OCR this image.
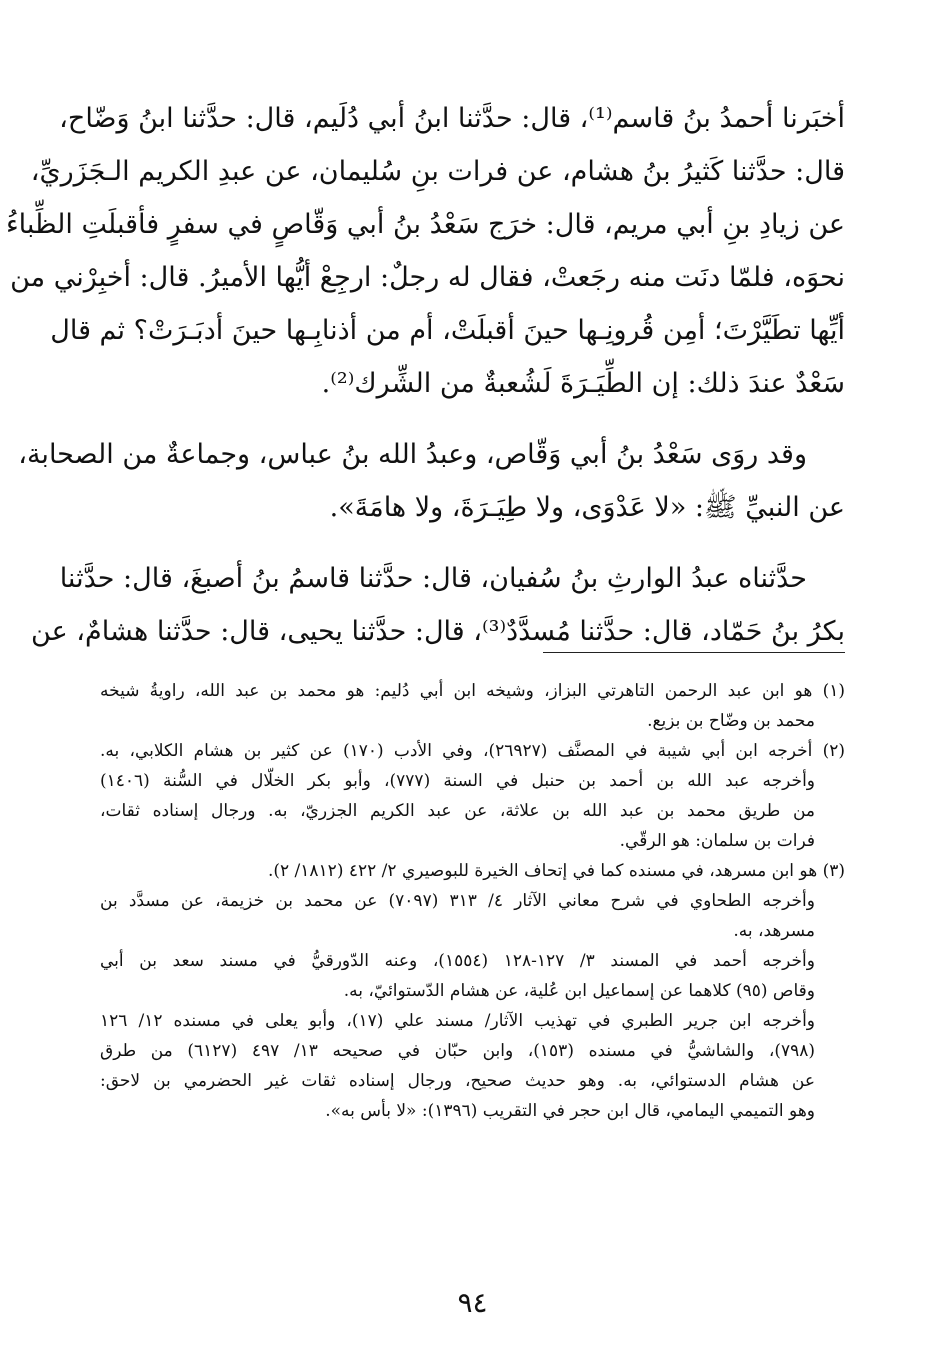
أخبَرنا أحمدُ بنُ قاسم⁽¹⁾، قال: حدَّثنا ابنُ أبي دُلَيم، قال: حدَّثنا ابنُ وَضّاح،
قال: حدَّثنا كَثيرُ بنُ هشام، عن فرات بنِ سُليمان، عن عبدِ الكريم الـجَزَريِّ،
عن زيادِ بنِ أبي مريم، قال: خرَج سَعْدُ بنُ أبي وَقّاصٍ في سفرٍ فأقبلَتِ الظِّباءُ
نحوَه، فلمّا دنَت منه رجَعتْ، فقال له رجلٌ: ارجِعْ أيُّها الأميرُ. قال: أخبِرْني من
أيِّها تطَيَّرْتَ؛ أمِن قُرونِـها حينَ أقبلَتْ، أم من أذنابِـها حينَ أدبَـرَتْ؟ ثم قال
سَعْدٌ عندَ ذلك: إن الطِّيَـرَةَ لَشُعبةٌ من الشِّرك⁽²⁾.
وقد روَى سَعْدُ بنُ أبي وَقّاص، وعبدُ الله بنُ عباس، وجماعةٌ من الصحابة،
عن النبيِّ ﷺ: «لا عَدْوَى، ولا طِيَـرَةَ، ولا هامَةَ».
حدَّثناه عبدُ الوارثِ بنُ سُفيان، قال: حدَّثنا قاسمُ بنُ أصبغَ، قال: حدَّثنا
بكرُ بنُ حَمّاد، قال: حدَّثنا مُسدَّدٌ⁽³⁾، قال: حدَّثنا يحيى، قال: حدَّثنا هشامٌ، عن
(١) هو ابن عبد الرحمن التاهرتي البزاز، وشيخه ابن أبي دُليم: هو محمد بن عبد الله، راويةُ شيخه
محمد بن وضّاح بن بزيع.
(٢) أخرجه ابن أبي شيبة في المصنَّف (٢٦٩٢٧)، وفي الأدب (١٧٠) عن كثير بن هشام الكلابي، به.
وأخرجه عبد الله بن أحمد بن حنبل في السنة (٧٧٧)، وأبو بكر الخلّال في السُّنة (١٤٠٦)
من طريق محمد بن عبد الله بن علاثة، عن عبد الكريم الجزريّ، به. ورجال إسناده ثقات،
فرات بن سلمان: هو الرقّي.
(٣) هو ابن مسرهد، في مسنده كما في إتحاف الخيرة للبوصيري ٢/ ٤٢٢ (١٨١٢/ ٢).
وأخرجه الطحاوي في شرح معاني الآثار ٤/ ٣١٣ (٧٠٩٧) عن محمد بن خزيمة، عن مسدَّد بن
مسرهد، به.
وأخرجه أحمد في المسند ٣/ ١٢٧-١٢٨ (١٥٥٤)، وعنه الدّورقيُّ في مسند سعد بن أبي
وقاص (٩٥) كلاهما عن إسماعيل ابن عُلية، عن هشام الدّستوائيّ، به.
وأخرجه ابن جرير الطبري في تهذيب الآثار/ مسند علي (١٧)، وأبو يعلى في مسنده ١٢/ ١٢٦
(٧٩٨)، والشاشيُّ في مسنده (١٥٣)، وابن حبّان في صحيحه ١٣/ ٤٩٧ (٦١٢٧) من طرق
عن هشام الدستوائي، به. وهو حديث صحيح، ورجال إسناده ثقات غير الحضرمي بن لاحق:
وهو التميمي اليمامي، قال ابن حجر في التقريب (١٣٩٦): «لا بأس به».
٩٤
